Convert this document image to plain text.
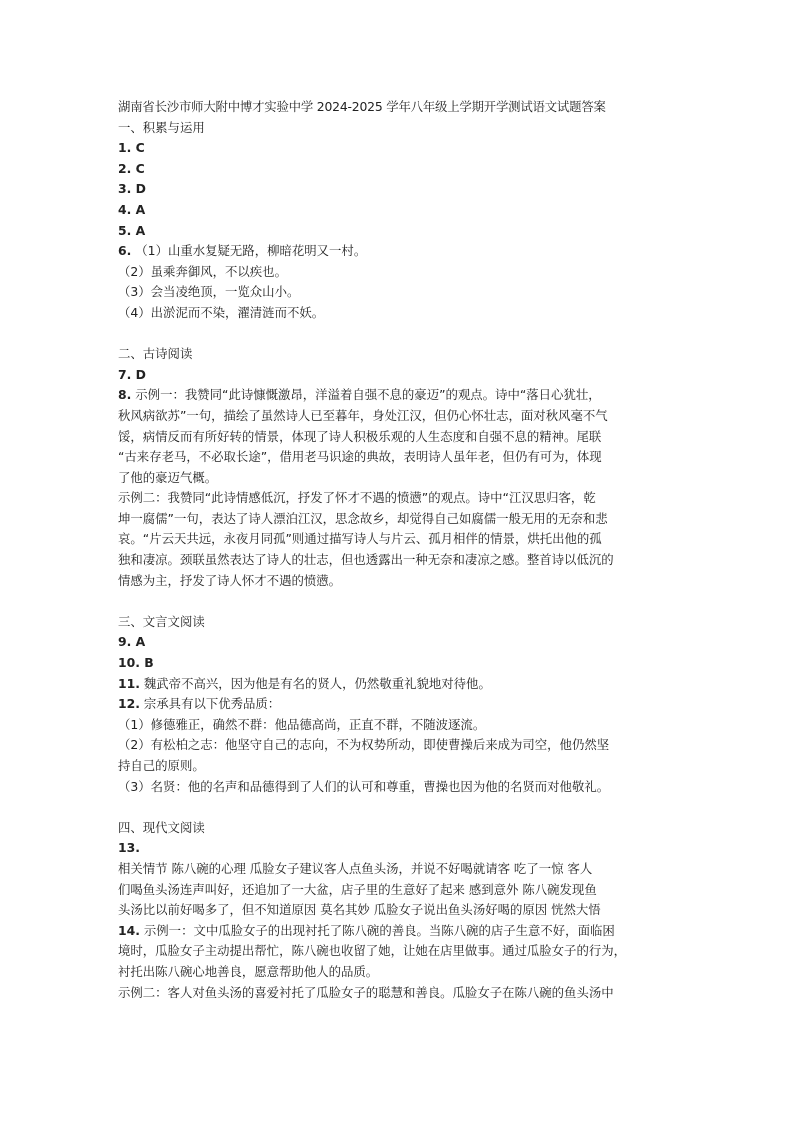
湖南省长沙市师大附中博才实验中学 2024-2025 学年八年级上学期开学测试语文试题答案
一、积累与运用
1. C
2. C
3. D
4. A
5. A
6. （1）山重水复疑无路，柳暗花明又一村。
（2）虽乘奔御风，不以疾也。
（3）会当凌绝顶，一览众山小。
（4）出淤泥而不染，濯清涟而不妖。
二、古诗阅读
7. D
8. 示例一：我赞同“此诗慷慨激昂，洋溢着自强不息的豪迈”的观点。诗中“落日心犹壮，
秋风病欲苏”一句，描绘了虽然诗人已至暮年，身处江汉，但仍心怀壮志，面对秋风毫不气
馁，病情反而有所好转的情景，体现了诗人积极乐观的人生态度和自强不息的精神。尾联
“古来存老马，不必取长途”，借用老马识途的典故，表明诗人虽年老，但仍有可为，体现
了他的豪迈气概。
示例二：我赞同“此诗情感低沉，抒发了怀才不遇的愤懑”的观点。诗中“江汉思归客，乾
坤一腐儒”一句，表达了诗人漂泊江汉，思念故乡，却觉得自己如腐儒一般无用的无奈和悲
哀。“片云天共远，永夜月同孤”则通过描写诗人与片云、孤月相伴的情景，烘托出他的孤
独和凄凉。颈联虽然表达了诗人的壮志，但也透露出一种无奈和凄凉之感。整首诗以低沉的
情感为主，抒发了诗人怀才不遇的愤懑。
三、文言文阅读
9. A
10. B
11. 魏武帝不高兴，因为他是有名的贤人，仍然敬重礼貌地对待他。
12. 宗承具有以下优秀品质：
（1）修德雅正，确然不群：他品德高尚，正直不群，不随波逐流。
（2）有松柏之志：他坚守自己的志向，不为权势所动，即使曹操后来成为司空，他仍然坚
持自己的原则。
（3）名贤：他的名声和品德得到了人们的认可和尊重，曹操也因为他的名贤而对他敬礼。
四、现代文阅读
13.
相关情节 陈八碗的心理 瓜脸女子建议客人点鱼头汤，并说不好喝就请客 吃了一惊 客人
们喝鱼头汤连声叫好，还追加了一大盆，店子里的生意好了起来 感到意外 陈八碗发现鱼
头汤比以前好喝多了，但不知道原因 莫名其妙 瓜脸女子说出鱼头汤好喝的原因 恍然大悟
14. 示例一：文中瓜脸女子的出现衬托了陈八碗的善良。当陈八碗的店子生意不好，面临困
境时，瓜脸女子主动提出帮忙，陈八碗也收留了她，让她在店里做事。通过瓜脸女子的行为，
衬托出陈八碗心地善良，愿意帮助他人的品质。
示例二：客人对鱼头汤的喜爱衬托了瓜脸女子的聪慧和善良。瓜脸女子在陈八碗的鱼头汤中
